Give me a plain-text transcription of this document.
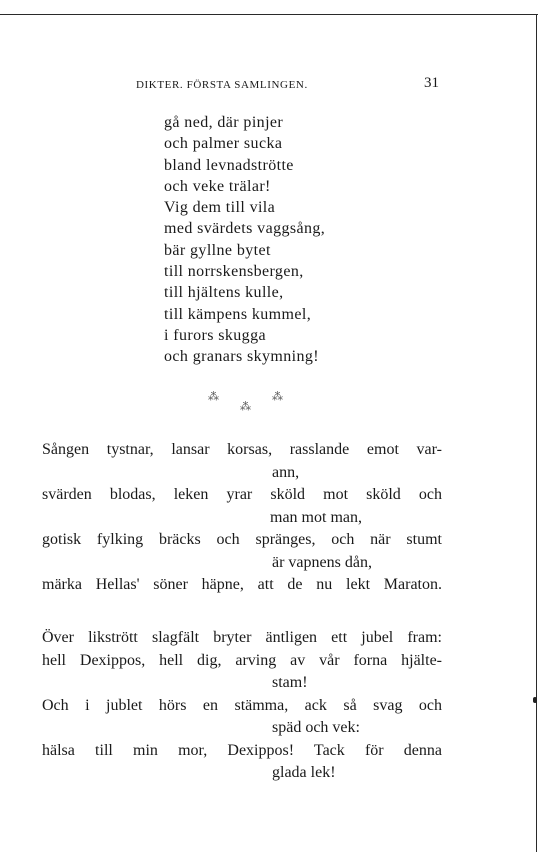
DIKTER. FÖRSTA SAMLINGEN.	31
gå ned, där pinjer
och palmer sucka
bland levnadströtte
och veke trälar!
Vig dem till vila
med svärdets vaggsång,
bär gyllne bytet
till norrskensbergen,
till hjältens kulle,
till kämpens kummel,
i furors skugga
och granars skymning!
⁂	⁂
⁂
Sången tystnar, lansar korsas, rasslande emot var-
ann,
svärden blodas, leken yrar sköld mot sköld och
man mot man,
gotisk fylking bräcks och spränges, och när stumt
är vapnens dån,
märka Hellas' söner häpne, att de nu lekt Maraton.
Över likstrött slagfält bryter äntligen ett jubel fram:
hell Dexippos, hell dig, arving av vår forna hjälte-
stam!
Och i jublet hörs en stämma, ack så svag och
späd och vek:
hälsa till min mor, Dexippos! Tack för denna
glada lek!
